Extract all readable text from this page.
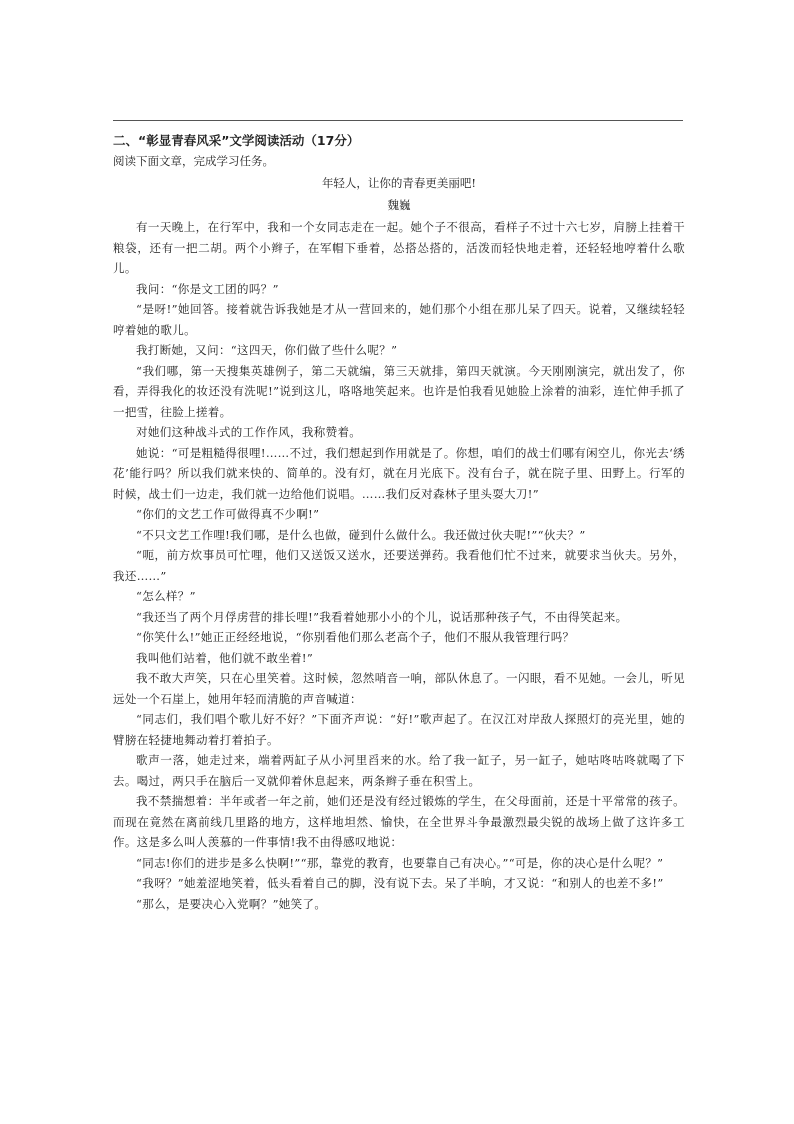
二、“彰显青春风采”文学阅读活动（17分）

阅读下面文章，完成学习任务。

年轻人，让你的青春更美丽吧!

魏巍

有一天晚上，在行军中，我和一个女同志走在一起。她个子不很高，看样子不过十六七岁，肩膀上挂着干粮袋，还有一把二胡。两个小辫子，在军帽下垂着，怂搭怂搭的，活泼而轻快地走着，还轻轻地哼着什么歌儿。

我问：“你是文工团的吗？”

“是呀!”她回答。接着就告诉我她是才从一营回来的，她们那个小组在那儿呆了四天。说着，又继续轻轻哼着她的歌儿。

我打断她，又问：“这四天，你们做了些什么呢？”

“我们哪，第一天搜集英雄例子，第二天就编，第三天就排，第四天就演。今天刚刚演完，就出发了，你看，弄得我化的妆还没有洗呢!”说到这儿，咯咯地笑起来。也许是怕我看见她脸上涂着的油彩，连忙伸手抓了一把雪，往脸上搓着。

对她们这种战斗式的工作作风，我称赞着。

她说：“可是粗糙得很哩!……不过，我们想起到作用就是了。你想，咱们的战士们哪有闲空儿，你光去‘绣花’能行吗？所以我们就来快的、简单的。没有灯，就在月光底下。没有台子，就在院子里、田野上。行军的时候，战士们一边走，我们就一边给他们说唱。……我们反对森林子里头耍大刀!”

“你们的文艺工作可做得真不少啊!”

“不只文艺工作哩!我们哪，是什么也做，碰到什么做什么。我还做过伙夫呢!”“伙夫？”

“呃，前方炊事员可忙哩，他们又送饭又送水，还要送弹药。我看他们忙不过来，就要求当伙夫。另外，我还……”

“怎么样？”

“我还当了两个月俘虏营的排长哩!”我看着她那小小的个儿，说话那种孩子气，不由得笑起来。

“你笑什么!”她正正经经地说，“你别看他们那么老高个子，他们不服从我管理行吗？

我叫他们站着，他们就不敢坐着!”

我不敢大声笑，只在心里笑着。这时候，忽然哨音一响，部队休息了。一闪眼，看不见她。一会儿，听见远处一个石崖上，她用年轻而清脆的声音喊道：

“同志们，我们唱个歌儿好不好？”下面齐声说：“好!”歌声起了。在汉江对岸敌人探照灯的亮光里，她的臂膀在轻捷地舞动着打着拍子。

歌声一落，她走过来，端着两缸子从小河里舀来的水。给了我一缸子，另一缸子，她咕咚咕咚就喝了下去。喝过，两只手在脑后一叉就仰着休息起来，两条辫子垂在积雪上。

我不禁揣想着：半年或者一年之前，她们还是没有经过锻炼的学生，在父母面前，还是十平常常的孩子。而现在竟然在离前线几里路的地方，这样地坦然、愉快，在全世界斗争最激烈最尖锐的战场上做了这许多工作。这是多么叫人羡慕的一件事情!我不由得感叹地说：

“同志!你们的进步是多么快啊!”“那，靠党的教育，也要靠自己有决心。”“可是，你的决心是什么呢？”

“我呀？”她羞涩地笑着，低头看着自己的脚，没有说下去。呆了半晌，才又说：“和别人的也差不多!”

“那么，是要决心入党啊？”她笑了。
